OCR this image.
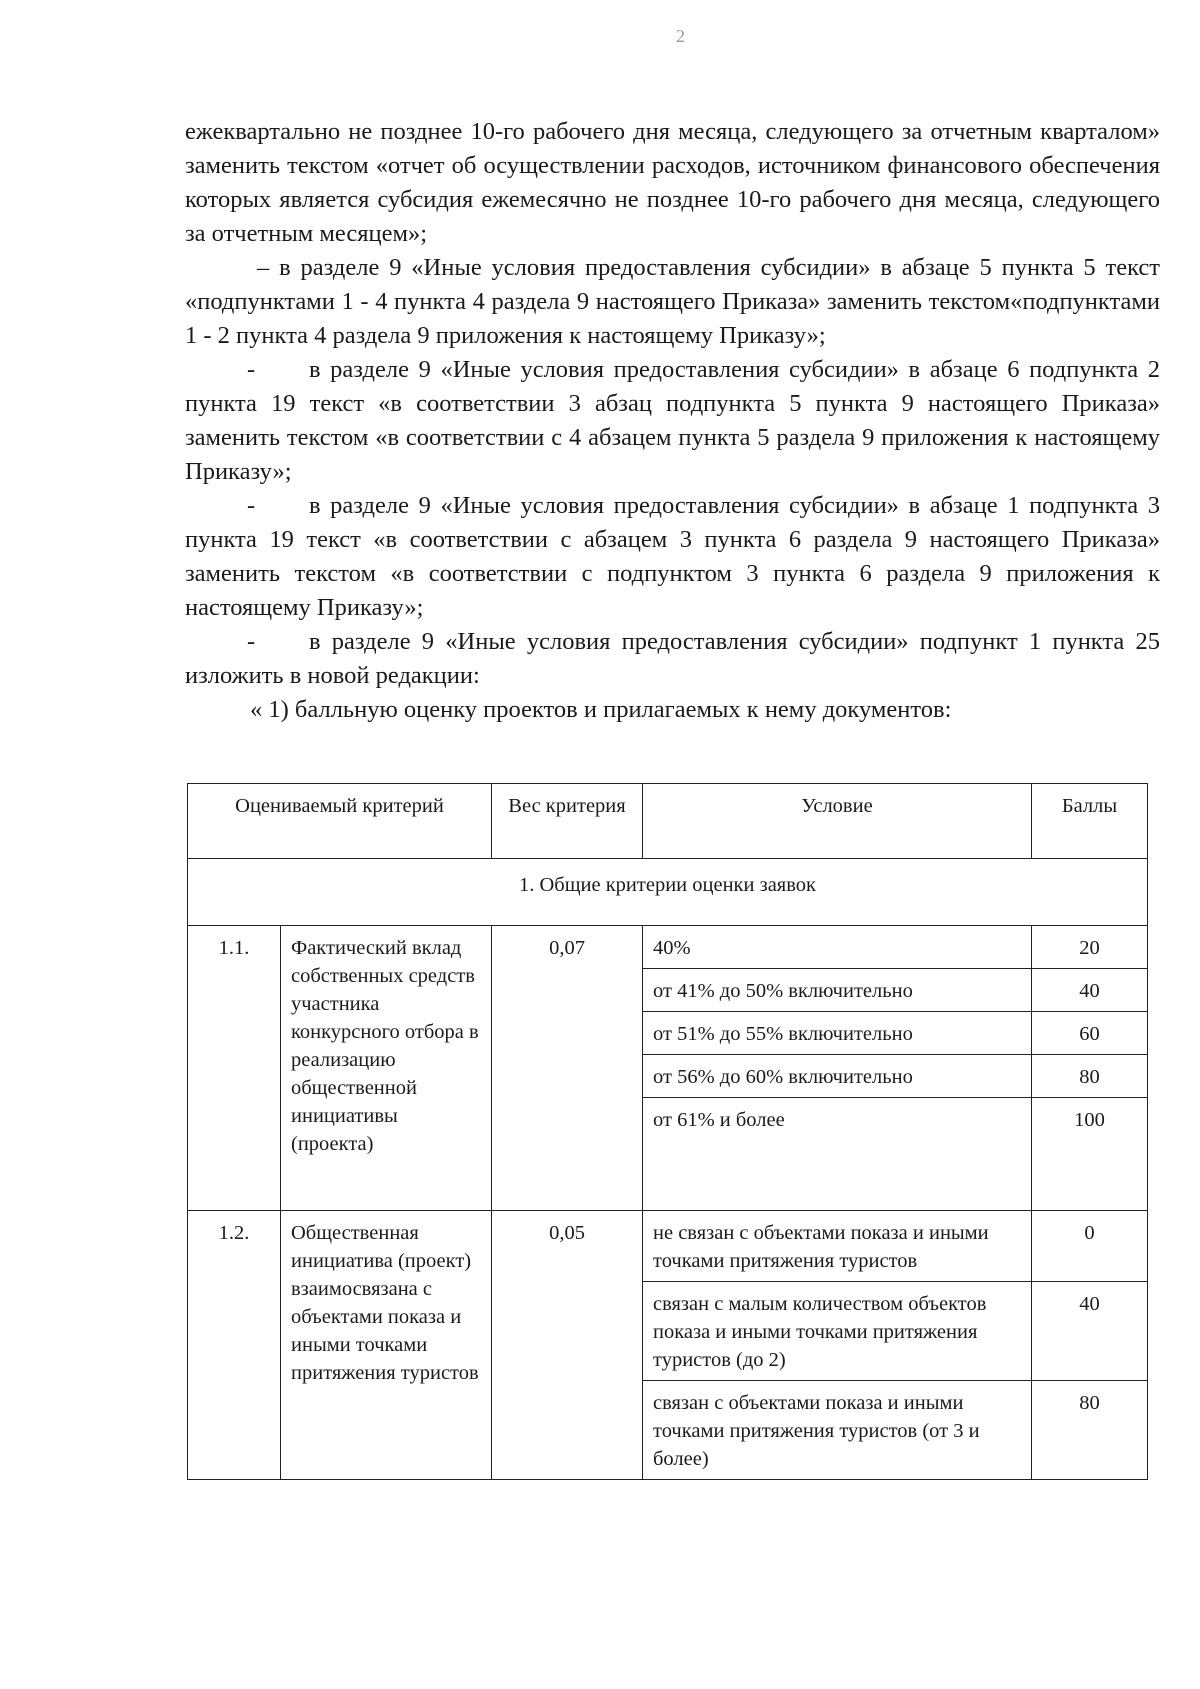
2

ежеквартально не позднее 10-го рабочего дня месяца, следующего за отчетным кварталом» заменить текстом «отчет об осуществлении расходов, источником финансового обеспечения которых является субсидия ежемесячно не позднее 10-го рабочего дня месяца, следующего за отчетным месяцем»;

– в разделе 9 «Иные условия предоставления субсидии» в абзаце 5 пункта 5 текст «подпунктами 1 - 4 пункта 4 раздела 9 настоящего Приказа» заменить текстом«подпунктами 1 - 2 пункта 4 раздела 9 приложения к настоящему Приказу»;

- в разделе 9 «Иные условия предоставления субсидии» в абзаце 6 подпункта 2 пункта 19 текст «в соответствии 3 абзац подпункта 5 пункта 9 настоящего Приказа» заменить текстом «в соответствии с 4 абзацем пункта 5 раздела 9 приложения к настоящему Приказу»;

- в разделе 9 «Иные условия предоставления субсидии» в абзаце 1 подпункта 3 пункта 19 текст «в соответствии с абзацем 3 пункта 6 раздела 9 настоящего Приказа» заменить текстом «в соответствии с подпунктом 3 пункта 6 раздела 9 приложения к настоящему Приказу»;

- в разделе 9 «Иные условия предоставления субсидии» подпункт 1 пункта 25 изложить в новой редакции:

« 1) балльную оценку проектов и прилагаемых к нему документов:

Оцениваемый критерий		Вес критерия	Условие	Баллы
1. Общие критерии оценки заявок				
1.1.	Фактический вклад собственных средств участника конкурсного отбора в реализацию общественной инициативы (проекта)	0,07	40%	20
			от 41% до 50% включительно	40
			от 51% до 55% включительно	60
			от 56% до 60% включительно	80
			от 61% и более	100
1.2.	Общественная инициатива (проект) взаимосвязана с объектами показа и иными точками притяжения туристов	0,05	не связан с объектами показа и иными точками притяжения туристов	0
			связан с малым количеством объектов показа и иными точками притяжения туристов (до 2)	40
			связан с объектами показа и иными точками притяжения туристов (от 3 и более)	80
